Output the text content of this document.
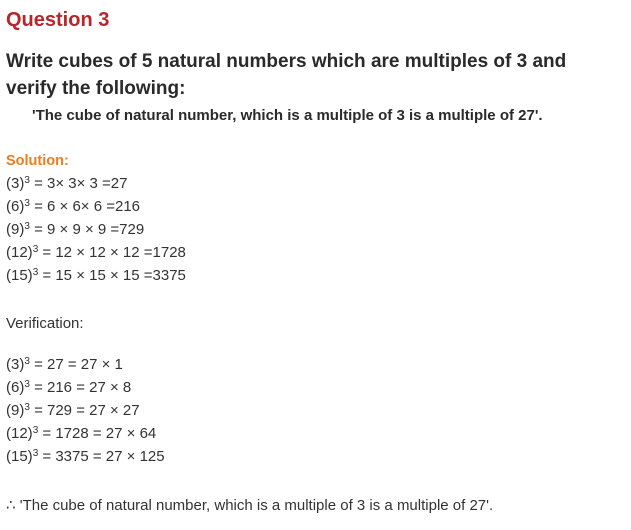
Question 3
Write cubes of 5 natural numbers which are multiples of 3 and verify the following:
'The cube of natural number, which is a multiple of 3 is a multiple of 27'.
Solution:
$(3)^3 = 3\times 3\times 3 =27$
$(6)^3 = 6 \times 6\times 6 =216$
$(9)^3 = 9 \times 9 \times 9 =729$
$(12)^3 = 12 \times 12 \times 12 =1728$
$(15)^3 = 15 \times 15 \times 15 =3375$
Verification:
$(3)^3 = 27 = 27 \times 1$
$(6)^3 = 216 = 27 \times 8$
$(9)^3 = 729 = 27 \times 27$
$(12)^3 = 1728 = 27 \times 64$
$(15)^3 = 3375 = 27 \times 125$
∴ 'The cube of natural number, which is a multiple of 3 is a multiple of 27'.
